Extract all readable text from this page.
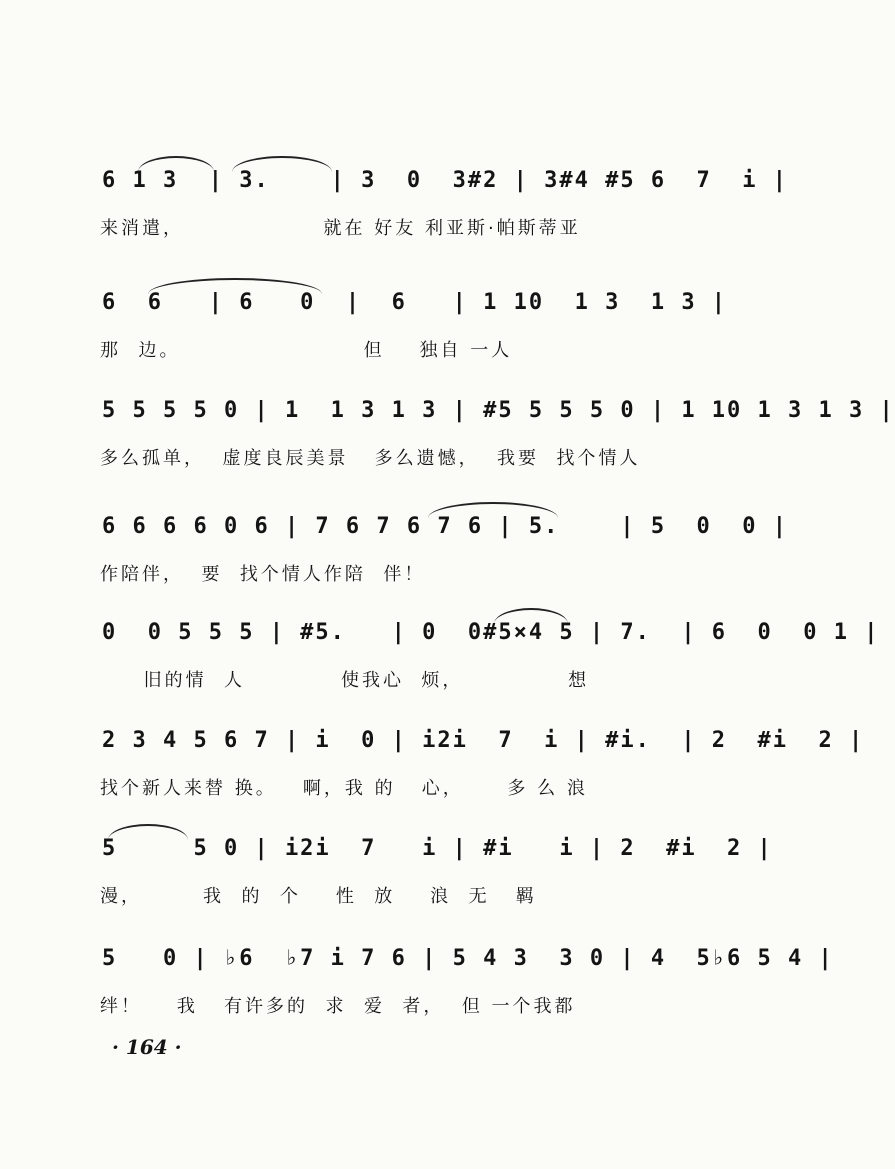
6 1 3  | 3.    | 3  0  3#2 | 3#4 #5 6  7  i |
来消遣，                就在 好友 利亚斯·帕斯蒂亚
6  6   | 6   0  |  6   | 1 10  1 3  1 3 |
那  边。                     但    独自 一人
5 5 5 5 0 | 1  1 3 1 3 | #5 5 5 5 0 | 1 10 1 3 1 3 |
多么孤单，  虚度良辰美景   多么遗憾，  我要  找个情人
6 6 6 6 0 6 | 7 6 7 6 7 6 | 5.    | 5  0  0 |
作陪伴，  要  找个情人作陪  伴！
0  0 5 5 5 | #5.   | 0  0#5×4 5 | 7.  | 6  0  0 1 |
旧的情  人           使我心  烦，            想
2 3 4 5 6 7 | i  0 | i2i  7  i | #i.  | 2  #i  2 |
找个新人来替 换。   啊，我 的   心，     多 么 浪
5     5 0 | i2i  7   i | #i   i | 2  #i  2 |
漫，       我  的  个    性  放    浪  无   羁
5   0 | ♭6  ♭7 i 7 6 | 5 4 3  3 0 | 4  5♭6 5 4 |
绊！    我   有许多的  求  爱  者，  但 一个我都
· 164 ·
